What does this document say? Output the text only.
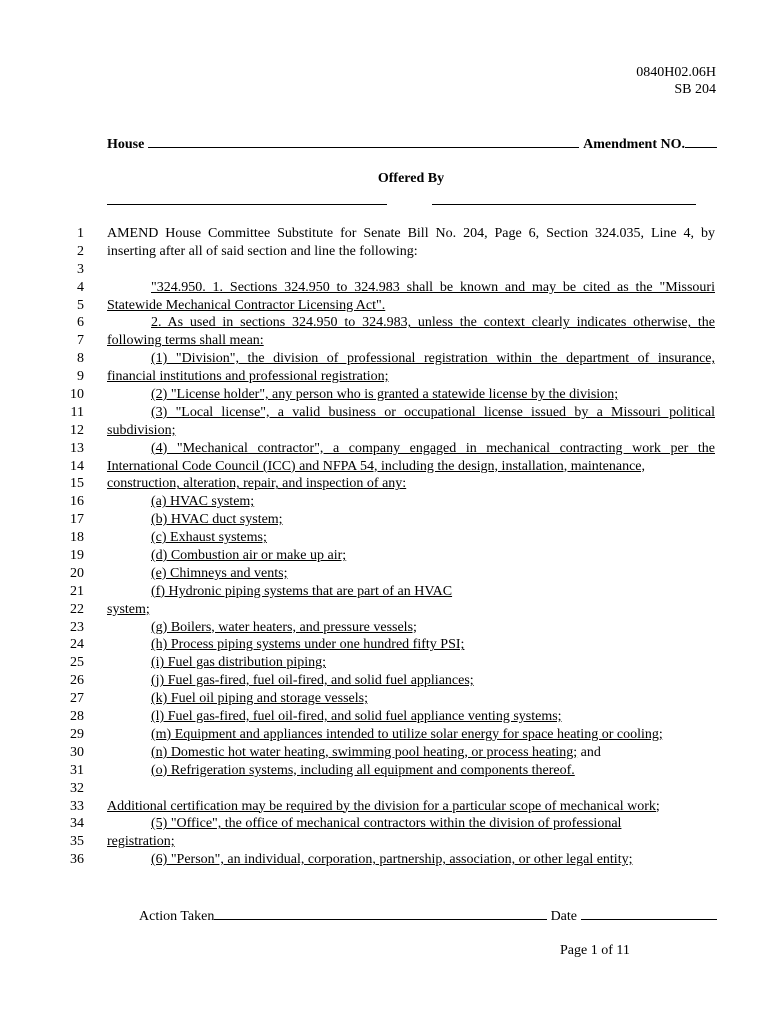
0840H02.06H
SB 204
House	Amendment NO.
Offered By
1 AMEND House Committee Substitute for Senate Bill No. 204, Page 6, Section 324.035, Line 4, by
2 inserting after all of said section and line the following:
3
4	"324.950. 1. Sections 324.950 to 324.983 shall be known and may be cited as the "Missouri
5 Statewide Mechanical Contractor Licensing Act".
6	2. As used in sections 324.950 to 324.983, unless the context clearly indicates otherwise, the
7 following terms shall mean:
8	(1) "Division", the division of professional registration within the department of insurance,
9 financial institutions and professional registration;
10	(2) "License holder", any person who is granted a statewide license by the division;
11	(3) "Local license", a valid business or occupational license issued by a Missouri political
12 subdivision;
13	(4) "Mechanical contractor", a company engaged in mechanical contracting work per the
14 International Code Council (ICC) and NFPA 54, including the design, installation, maintenance,
15 construction, alteration, repair, and inspection of any:
16	(a) HVAC system;
17	(b) HVAC duct system;
18	(c) Exhaust systems;
19	(d) Combustion air or make up air;
20	(e) Chimneys and vents;
21	(f) Hydronic piping systems that are part of an HVAC
22 system;
23	(g) Boilers, water heaters, and pressure vessels;
24	(h) Process piping systems under one hundred fifty PSI;
25	(i) Fuel gas distribution piping;
26	(j) Fuel gas-fired, fuel oil-fired, and solid fuel appliances;
27	(k) Fuel oil piping and storage vessels;
28	(l) Fuel gas-fired, fuel oil-fired, and solid fuel appliance venting systems;
29	(m) Equipment and appliances intended to utilize solar energy for space heating or cooling;
30	(n) Domestic hot water heating, swimming pool heating, or process heating; and
31	(o) Refrigeration systems, including all equipment and components thereof.
32
33 Additional certification may be required by the division for a particular scope of mechanical work;
34	(5) "Office", the office of mechanical contractors within the division of professional
35 registration;
36	(6) "Person", an individual, corporation, partnership, association, or other legal entity;
Action Taken	Date
Page 1 of 11
